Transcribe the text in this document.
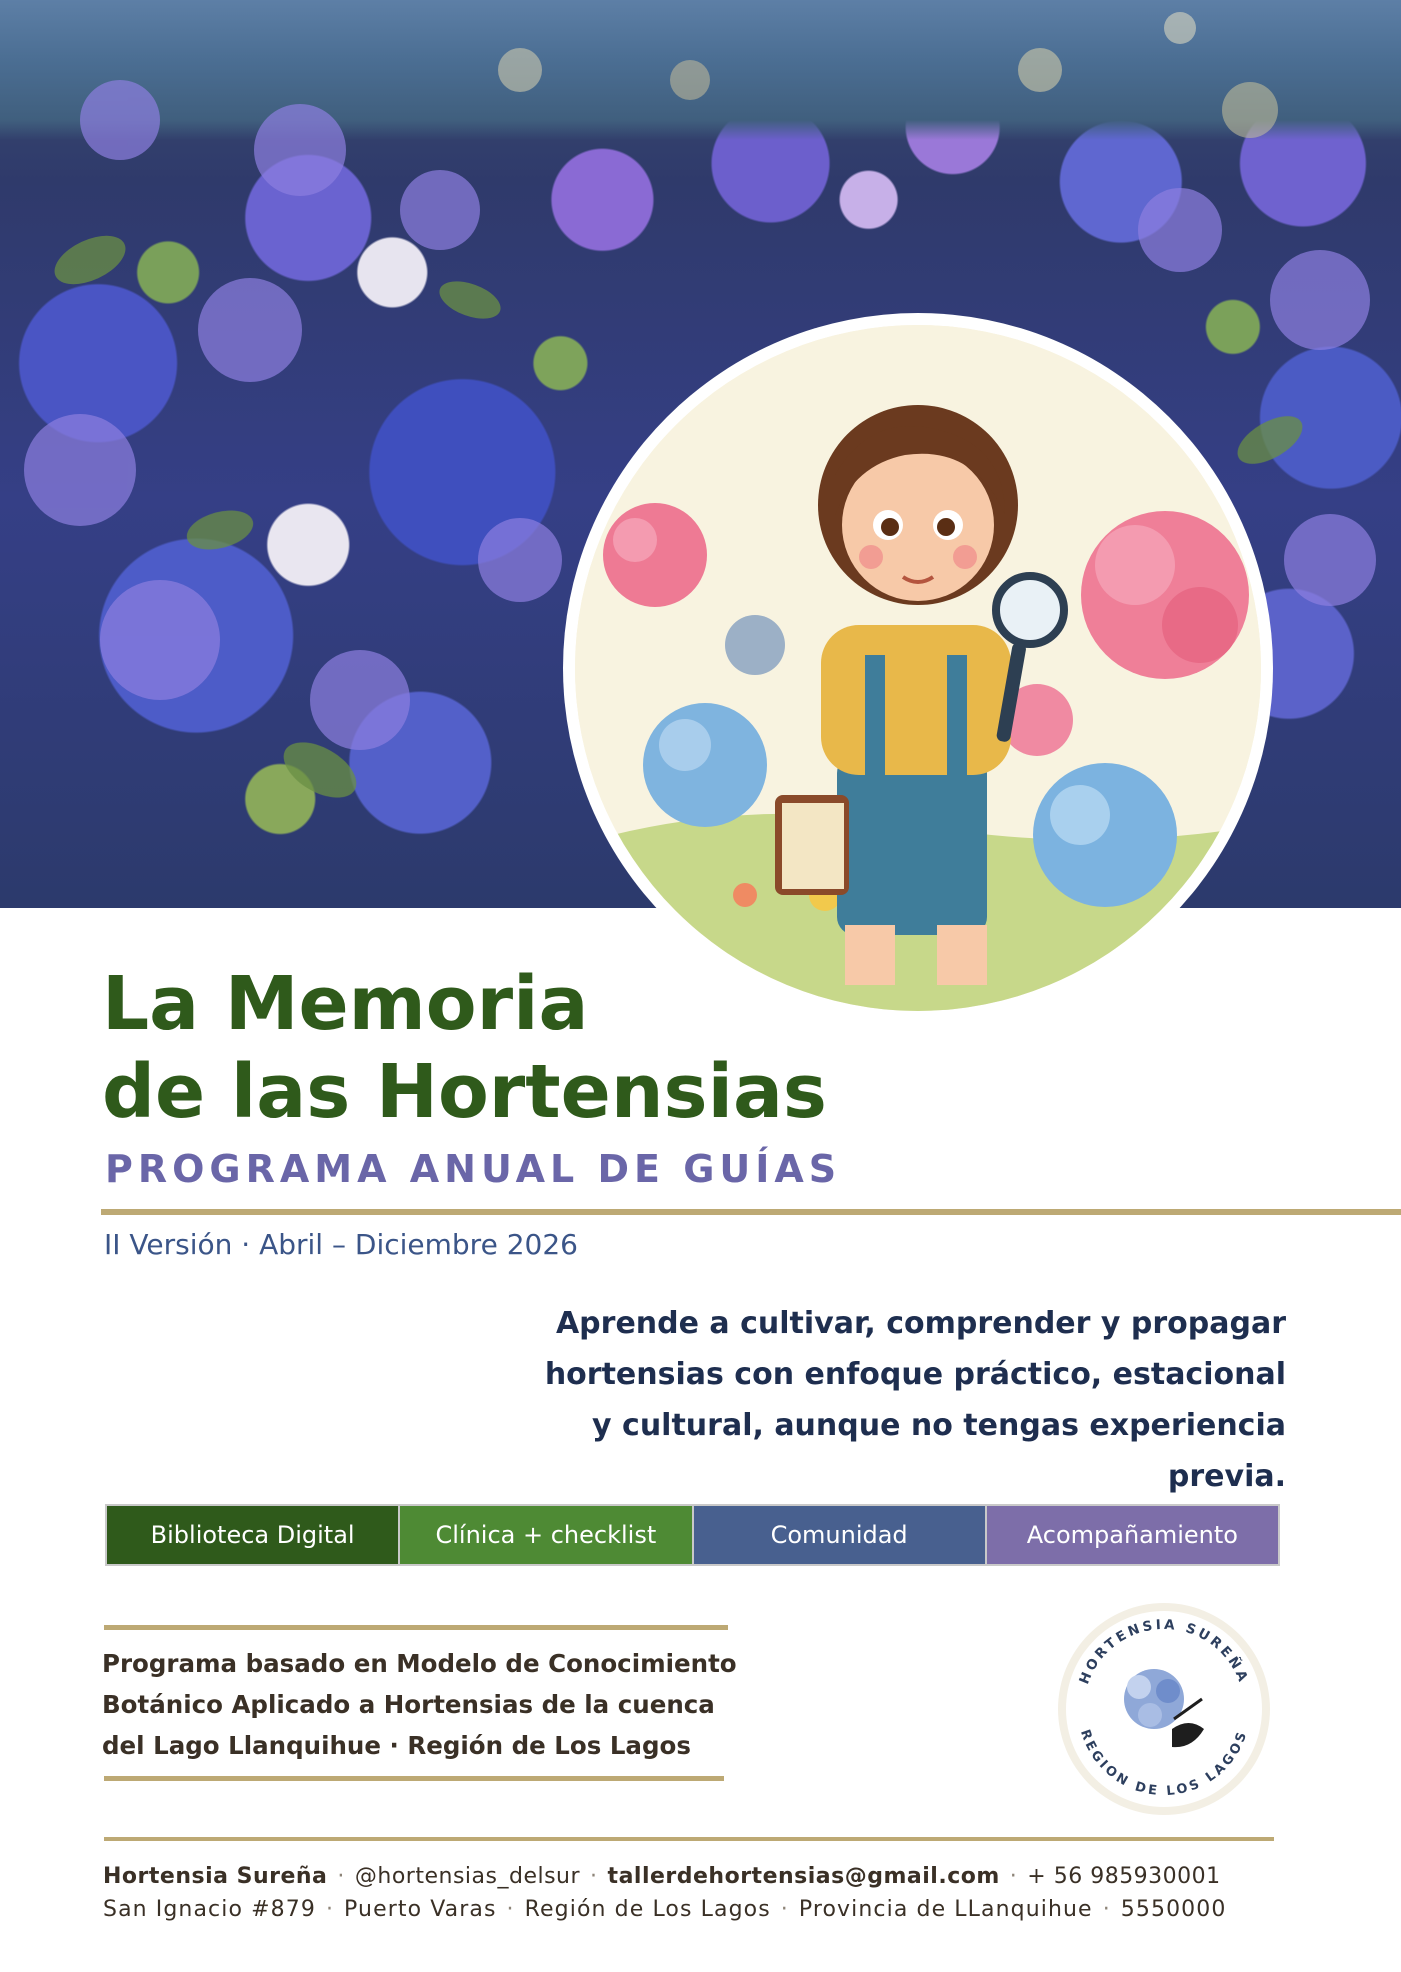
La Memoria
de las Hortensias
PROGRAMA ANUAL DE GUÍAS
II Versión · Abril – Diciembre 2026

Aprende a cultivar, comprender y propagar hortensias con enfoque práctico, estacional y cultural, aunque no tengas experiencia previa.

Biblioteca Digital	Clínica + checklist	Comunidad	Acompañamiento

Programa basado en Modelo de Conocimiento Botánico Aplicado a Hortensias de la cuenca del Lago Llanquihue · Región de Los Lagos

HORTENSIA SUREÑA
REGION DE LOS LAGOS
Hortensia Sureña · @hortensias_delsur · tallerdehortensias@gmail.com · + 56 985930001
San Ignacio #879 · Puerto Varas · Región de Los Lagos · Provincia de LLanquihue · 5550000
